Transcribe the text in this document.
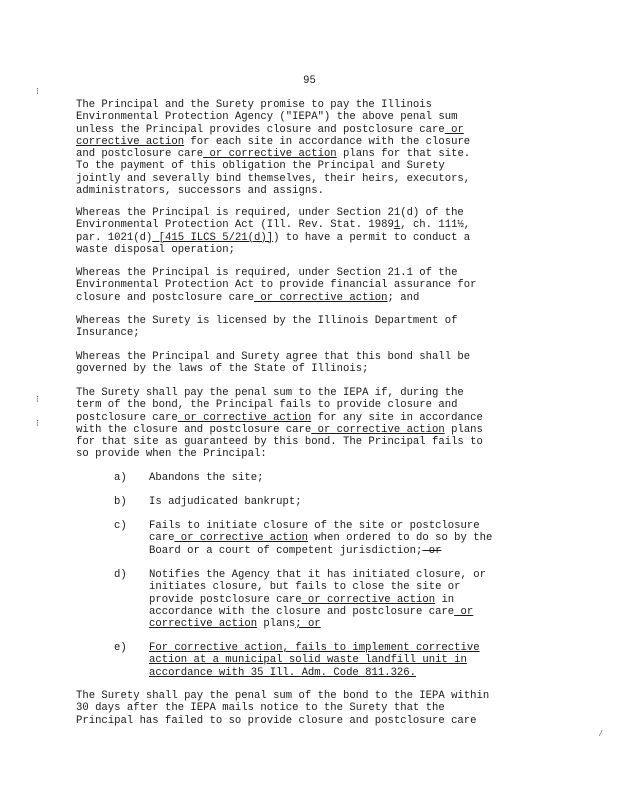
⁝
⁝
⁝
⁄
95
The Principal and the Surety promise to pay the Illinois
Environmental Protection Agency ("IEPA") the above penal sum
unless the Principal provides closure and postclosure care or
corrective action for each site in accordance with the closure
and postclosure care or corrective action plans for that site.
To the payment of this obligation the Principal and Surety
jointly and severally bind themselves, their heirs, executors,
administrators, successors and assigns.
Whereas the Principal is required, under Section 21(d) of the
Environmental Protection Act (Ill. Rev. Stat. 19891, ch. 111½,
par. 1021(d) [415 ILCS 5/21(d)]) to have a permit to conduct a
waste disposal operation;
Whereas the Principal is required, under Section 21.1 of the
Environmental Protection Act to provide financial assurance for
closure and postclosure care or corrective action; and
Whereas the Surety is licensed by the Illinois Department of
Insurance;
Whereas the Principal and Surety agree that this bond shall be
governed by the laws of the State of Illinois;
The Surety shall pay the penal sum to the IEPA if, during the
term of the bond, the Principal fails to provide closure and
postclosure care or corrective action for any site in accordance
with the closure and postclosure care or corrective action plans
for that site as guaranteed by this bond. The Principal fails to
so provide when the Principal:
a) Abandons the site;
b) Is adjudicated bankrupt;
c) Fails to initiate closure of the site or postclosure
care or corrective action when ordered to do so by the
Board or a court of competent jurisdiction; or
d) Notifies the Agency that it has initiated closure, or
initiates closure, but fails to close the site or
provide postclosure care or corrective action in
accordance with the closure and postclosure care or
corrective action plans; or
e) For corrective action, fails to implement corrective
action at a municipal solid waste landfill unit in
accordance with 35 Ill. Adm. Code 811.326.
The Surety shall pay the penal sum of the bond to the IEPA within
30 days after the IEPA mails notice to the Surety that the
Principal has failed to so provide closure and postclosure care
